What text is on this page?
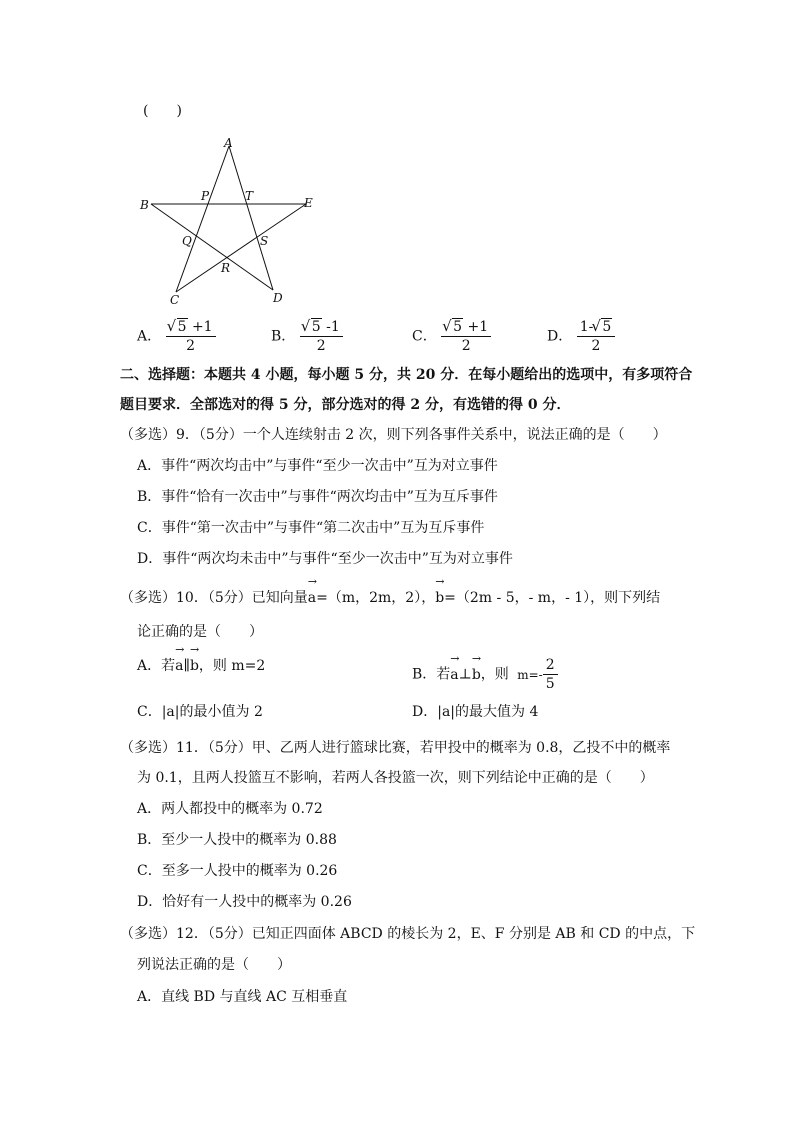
(　　)
A
B
C	D
E
P	T
Q	S
R
A． √ $\frac{5 +1}{2}$	B． √ $\frac{5 -1}{2}$	C． √ $\frac{5 +1}{2}$	D． $\frac{1- √ 5}{2}$
二、选择题：本题共 4 小题，每小题 5 分，共 20 分．在每小题给出的选项中，有多项符合
题目要求．全部选对的得 5 分，部分选对的得 2 分，有选错的得 0 分．
（多选）9．（5分）一个人连续射击 2 次，则下列各事件关系中，说法正确的是（　　）
A．事件“两次均击中”与事件“至少一次击中”互为对立事件
B．事件“恰有一次击中”与事件“两次均击中”互为互斥事件
C．事件“第一次击中”与事件“第二次击中”互为互斥事件
D．事件“两次均未击中”与事件“至少一次击中”互为对立事件
（多选）10．（5分）已知向量a →=（m，2m，2），b →=（2m - 5，- m，- 1），则下列结
论正确的是（　　）
A．若a →∥b →，则 m=2
B．若a →⊥b →，则 $m=- \frac{2}{5}$
C．|a|的最小值为 2	D．|a|的最大值为 4
（多选）11．（5分）甲、乙两人进行篮球比赛，若甲投中的概率为 0.8，乙投不中的概率
为 0.1，且两人投篮互不影响，若两人各投篮一次，则下列结论中正确的是（　　）
A．两人都投中的概率为 0.72
B．至少一人投中的概率为 0.88
C．至多一人投中的概率为 0.26
D．恰好有一人投中的概率为 0.26
（多选）12．（5分）已知正四面体 ABCD 的棱长为 2，E、F 分别是 AB 和 CD 的中点，下
列说法正确的是（　　）
A．直线 BD 与直线 AC 互相垂直
